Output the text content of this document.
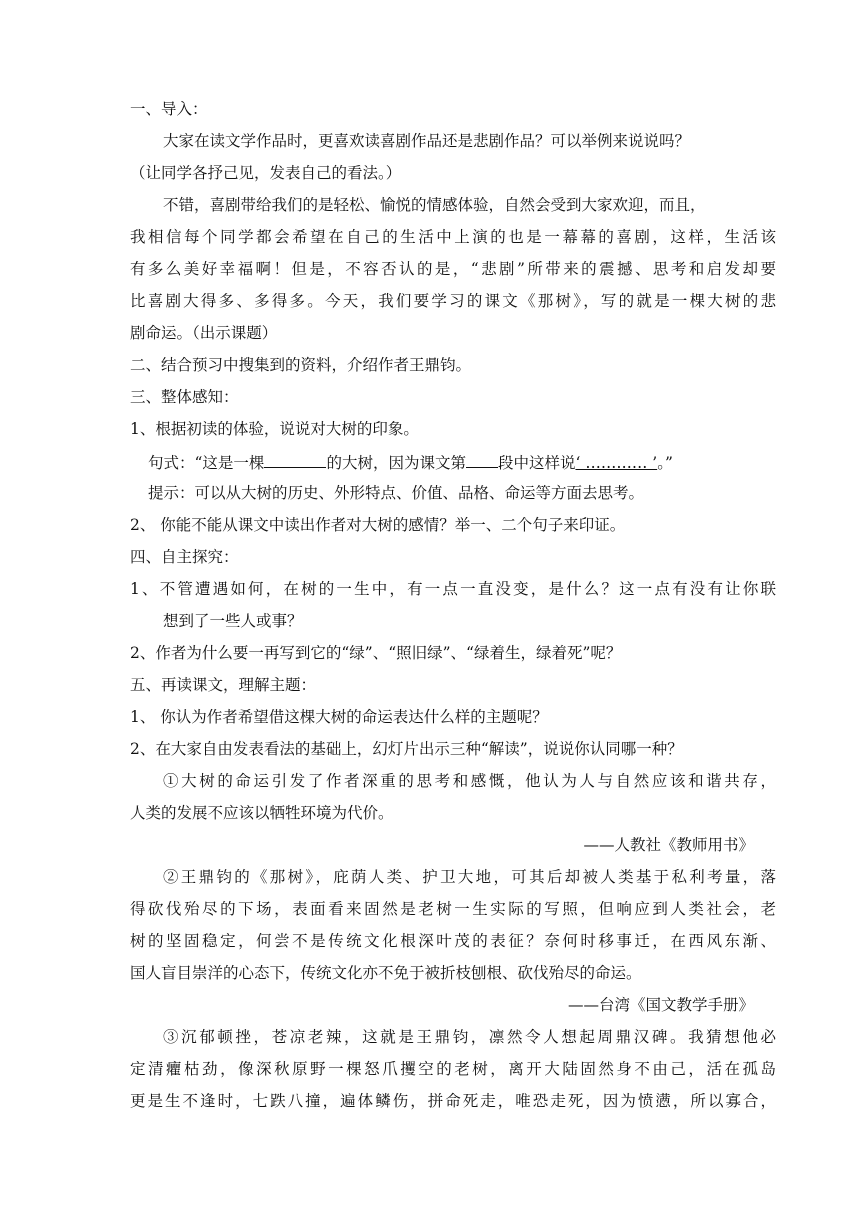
一、导入：
大家在读文学作品时，更喜欢读喜剧作品还是悲剧作品？可以举例来说说吗？
（让同学各抒己见，发表自己的看法。）
不错，喜剧带给我们的是轻松、愉悦的情感体验，自然会受到大家欢迎，而且，
我相信每个同学都会希望在自己的生活中上演的也是一幕幕的喜剧，这样，生活该
有多么美好幸福啊！但是，不容否认的是，“悲剧”所带来的震撼、思考和启发却要
比喜剧大得多、多得多。今天，我们要学习的课文《那树》，写的就是一棵大树的悲
剧命运。（出示课题）
二、结合预习中搜集到的资料，介绍作者王鼎钧。
三、整体感知：
1、根据初读的体验，说说对大树的印象。
句式：“这是一棵	的大树，因为课文第 段中这样说‘ ………… ’。”
提示：可以从大树的历史、外形特点、价值、品格、命运等方面去思考。
2、 你能不能从课文中读出作者对大树的感情？举一、二个句子来印证。
四、自主探究：
1、不管遭遇如何，在树的一生中，有一点一直没变，是什么？这一点有没有让你联
想到了一些人或事？
2、作者为什么要一再写到它的“绿”、“照旧绿”、“绿着生，绿着死”呢？
五、再读课文，理解主题：
1、 你认为作者希望借这棵大树的命运表达什么样的主题呢？
2、在大家自由发表看法的基础上，幻灯片出示三种“解读”，说说你认同哪一种？
①大树的命运引发了作者深重的思考和感慨，他认为人与自然应该和谐共存，
人类的发展不应该以牺牲环境为代价。
——人教社《教师用书》
②王鼎钧的《那树》，庇荫人类、护卫大地，可其后却被人类基于私利考量，落
得砍伐殆尽的下场，表面看来固然是老树一生实际的写照，但响应到人类社会，老
树的坚固稳定，何尝不是传统文化根深叶茂的表征？奈何时移事迁，在西风东渐、
国人盲目崇洋的心态下，传统文化亦不免于被折枝刨根、砍伐殆尽的命运。
——台湾《国文教学手册》
③沉郁顿挫，苍凉老辣，这就是王鼎钧，凛然令人想起周鼎汉碑。我猜想他必
定清癯枯劲，像深秋原野一棵怒爪攫空的老树，离开大陆固然身不由己，活在孤岛
更是生不逢时，七跌八撞，遍体鳞伤，拼命死走，唯恐走死，因为愤懑，所以寡合，
